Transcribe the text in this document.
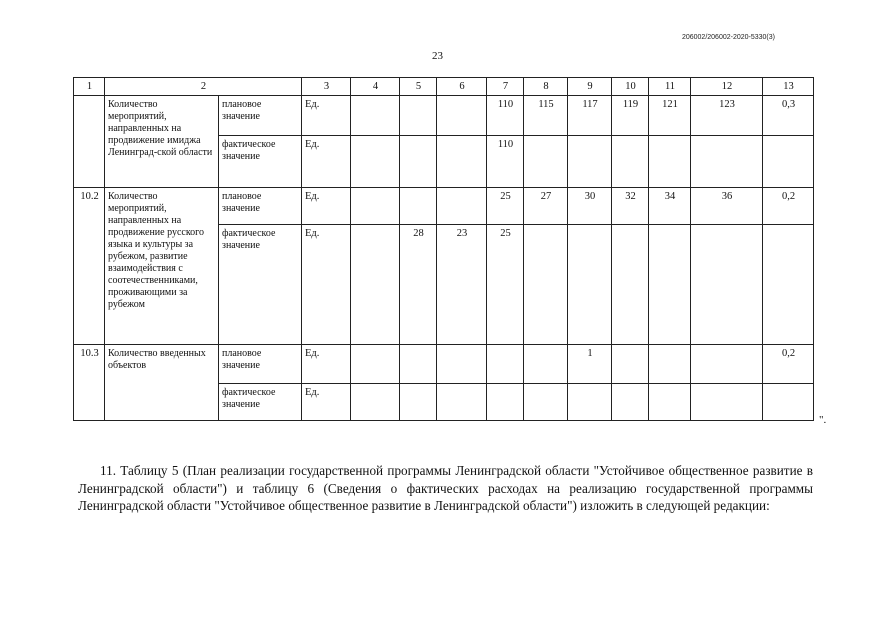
206002/206002-2020-5330(3)
23
1	2		3	4	5	6	7	8	9	10	11	12	13
	Количество мероприятий, направленных на продвижение имиджа Ленинград-ской области	плановое значение	Ед.				110	115	117	119	121	123	0,3
		фактическое значение	Ед.				110						
10.2	Количество мероприятий, направленных на продвижение русского языка и культуры за рубежом, развитие взаимодействия с соотечественниками, проживающими за рубежом	плановое значение	Ед.				25	27	30	32	34	36	0,2
		фактическое значение	Ед.		28	23	25						
10.3	Количество введенных объектов	плановое значение	Ед.						1				0,2
		фактическое значение	Ед.										
".

11. Таблицу 5 (План реализации государственной программы Ленинградской области "Устойчивое общественное развитие в Ленинградской области") и таблицу 6 (Сведения о фактических расходах на реализацию государственной программы Ленинградской области "Устойчивое общественное развитие в Ленинградской области") изложить в следующей редакции:
